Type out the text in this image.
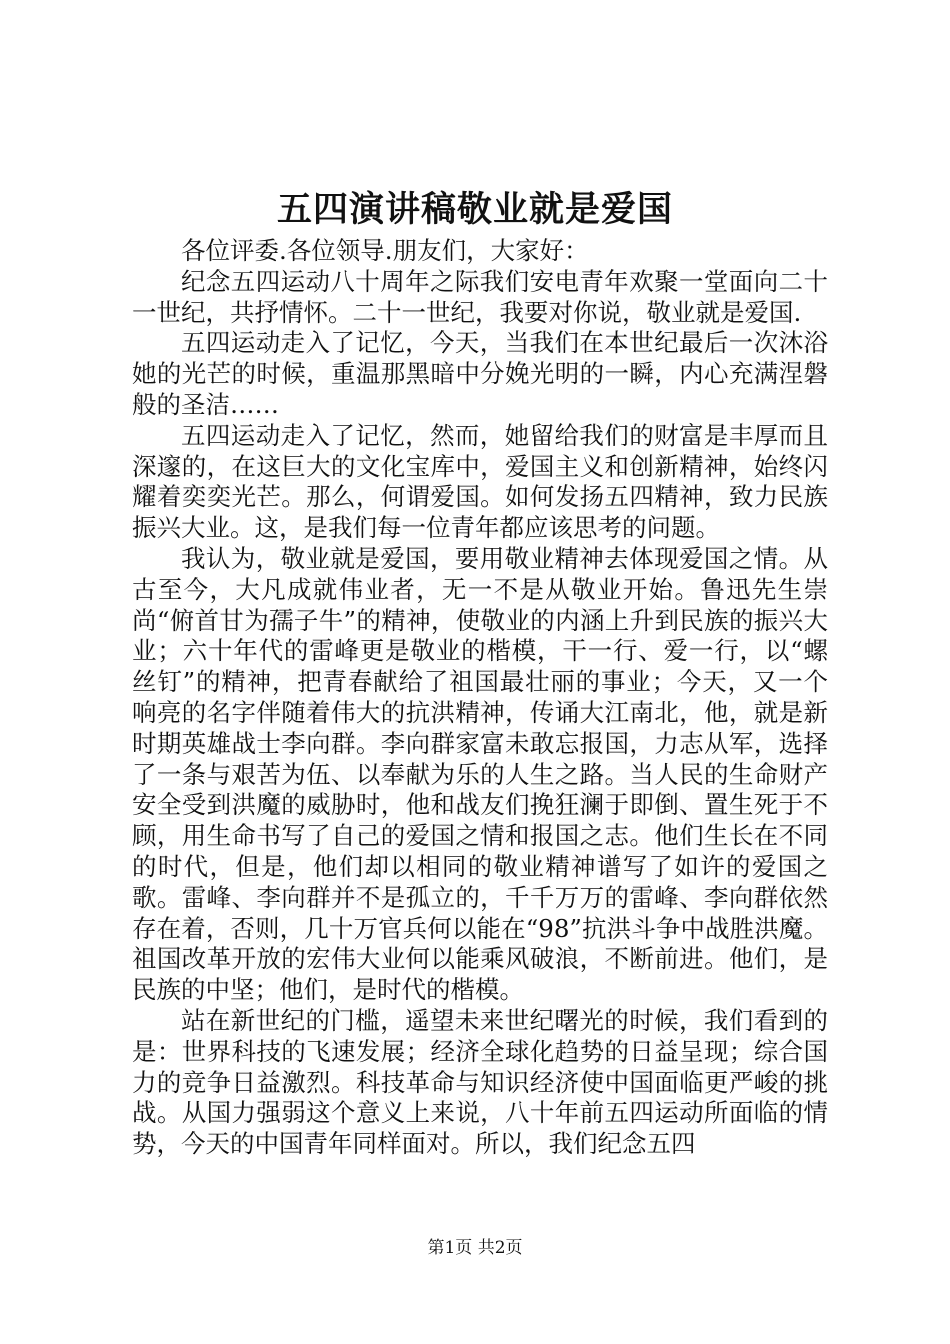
五四演讲稿敬业就是爱国

各位评委.各位领导.朋友们，大家好：

纪念五四运动八十周年之际我们安电青年欢聚一堂面向二十一世纪，共抒情怀。二十一世纪，我要对你说，敬业就是爱国.

五四运动走入了记忆，今天，当我们在本世纪最后一次沐浴她的光芒的时候，重温那黑暗中分娩光明的一瞬，内心充满涅磐般的圣洁……

五四运动走入了记忆，然而，她留给我们的财富是丰厚而且深邃的，在这巨大的文化宝库中，爱国主义和创新精神，始终闪耀着奕奕光芒。那么，何谓爱国。如何发扬五四精神，致力民族振兴大业。这，是我们每一位青年都应该思考的问题。

我认为，敬业就是爱国，要用敬业精神去体现爱国之情。从古至今，大凡成就伟业者，无一不是从敬业开始。鲁迅先生崇尚“俯首甘为孺子牛”的精神，使敬业的内涵上升到民族的振兴大业；六十年代的雷峰更是敬业的楷模，干一行、爱一行，以“螺丝钉”的精神，把青春献给了祖国最壮丽的事业；今天，又一个响亮的名字伴随着伟大的抗洪精神，传诵大江南北，他，就是新时期英雄战士李向群。李向群家富未敢忘报国，力志从军，选择了一条与艰苦为伍、以奉献为乐的人生之路。当人民的生命财产安全受到洪魔的威胁时，他和战友们挽狂澜于即倒、置生死于不顾，用生命书写了自己的爱国之情和报国之志。他们生长在不同的时代，但是，他们却以相同的敬业精神谱写了如许的爱国之歌。雷峰、李向群并不是孤立的，千千万万的雷峰、李向群依然存在着，否则，几十万官兵何以能在“98”抗洪斗争中战胜洪魔。祖国改革开放的宏伟大业何以能乘风破浪，不断前进。他们，是民族的中坚；他们，是时代的楷模。

站在新世纪的门槛，遥望未来世纪曙光的时候，我们看到的是：世界科技的飞速发展；经济全球化趋势的日益呈现；综合国力的竞争日益激烈。科技革命与知识经济使中国面临更严峻的挑战。从国力强弱这个意义上来说，八十年前五四运动所面临的情势，今天的中国青年同样面对。所以，我们纪念五四

第1页 共2页
